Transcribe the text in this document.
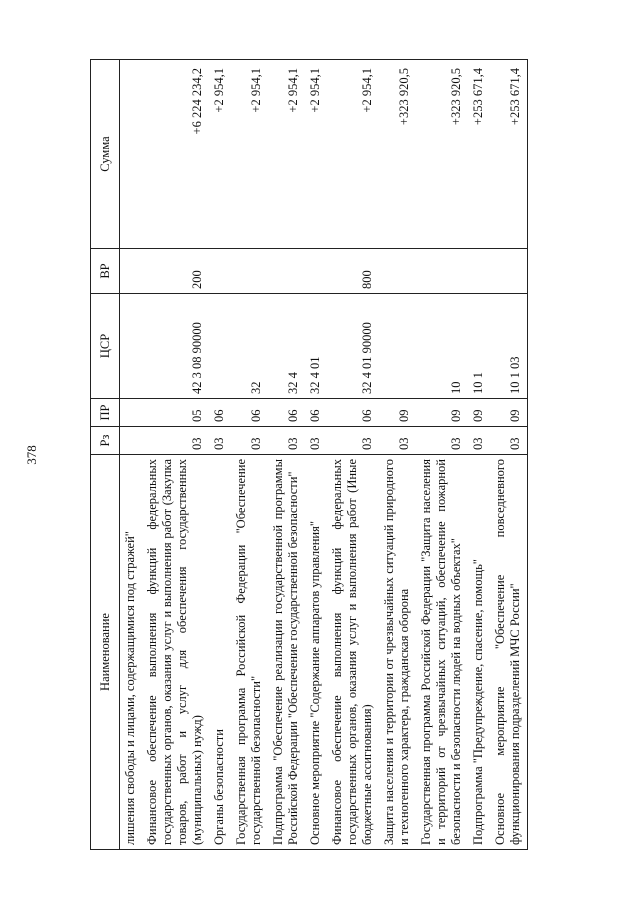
378
Наименование	Рз	ПР	ЦСР	ВР	Сумма
лишения свободы и лицами, содержащимися под стражей"					
Финансовое обеспечение выполнения функций федеральных государственных органов, оказания услуг и выполнения работ (Закупка товаров, работ и услуг для обеспечения государственных (муниципальных) нужд)	03	05	42 3 08 90000	200	+6 224 234,2
Органы безопасности	03	06			+2 954,1
Государственная программа Российской Федерации "Обеспечение государственной безопасности"	03	06	32		+2 954,1
Подпрограмма "Обеспечение реализации государственной программы Российской Федерации "Обеспечение государственной безопасности"	03	06	32 4		+2 954,1
Основное мероприятие "Содержание аппаратов управления"	03	06	32 4 01		+2 954,1
Финансовое обеспечение выполнения функций федеральных государственных органов, оказания услуг и выполнения работ (Иные бюджетные ассигнования)	03	06	32 4 01 90000	800	+2 954,1
Защита населения и территории от чрезвычайных ситуаций природного и техногенного характера, гражданская оборона	03	09			+323 920,5
Государственная программа Российской Федерации "Защита населения и территорий от чрезвычайных ситуаций, обеспечение пожарной безопасности и безопасности людей на водных объектах"	03	09	10		+323 920,5
Подпрограмма "Предупреждение, спасение, помощь"	03	09	10 1		+253 671,4
Основное мероприятие "Обеспечение повседневного функционирования подразделений МЧС России"	03	09	10 1 03		+253 671,4
